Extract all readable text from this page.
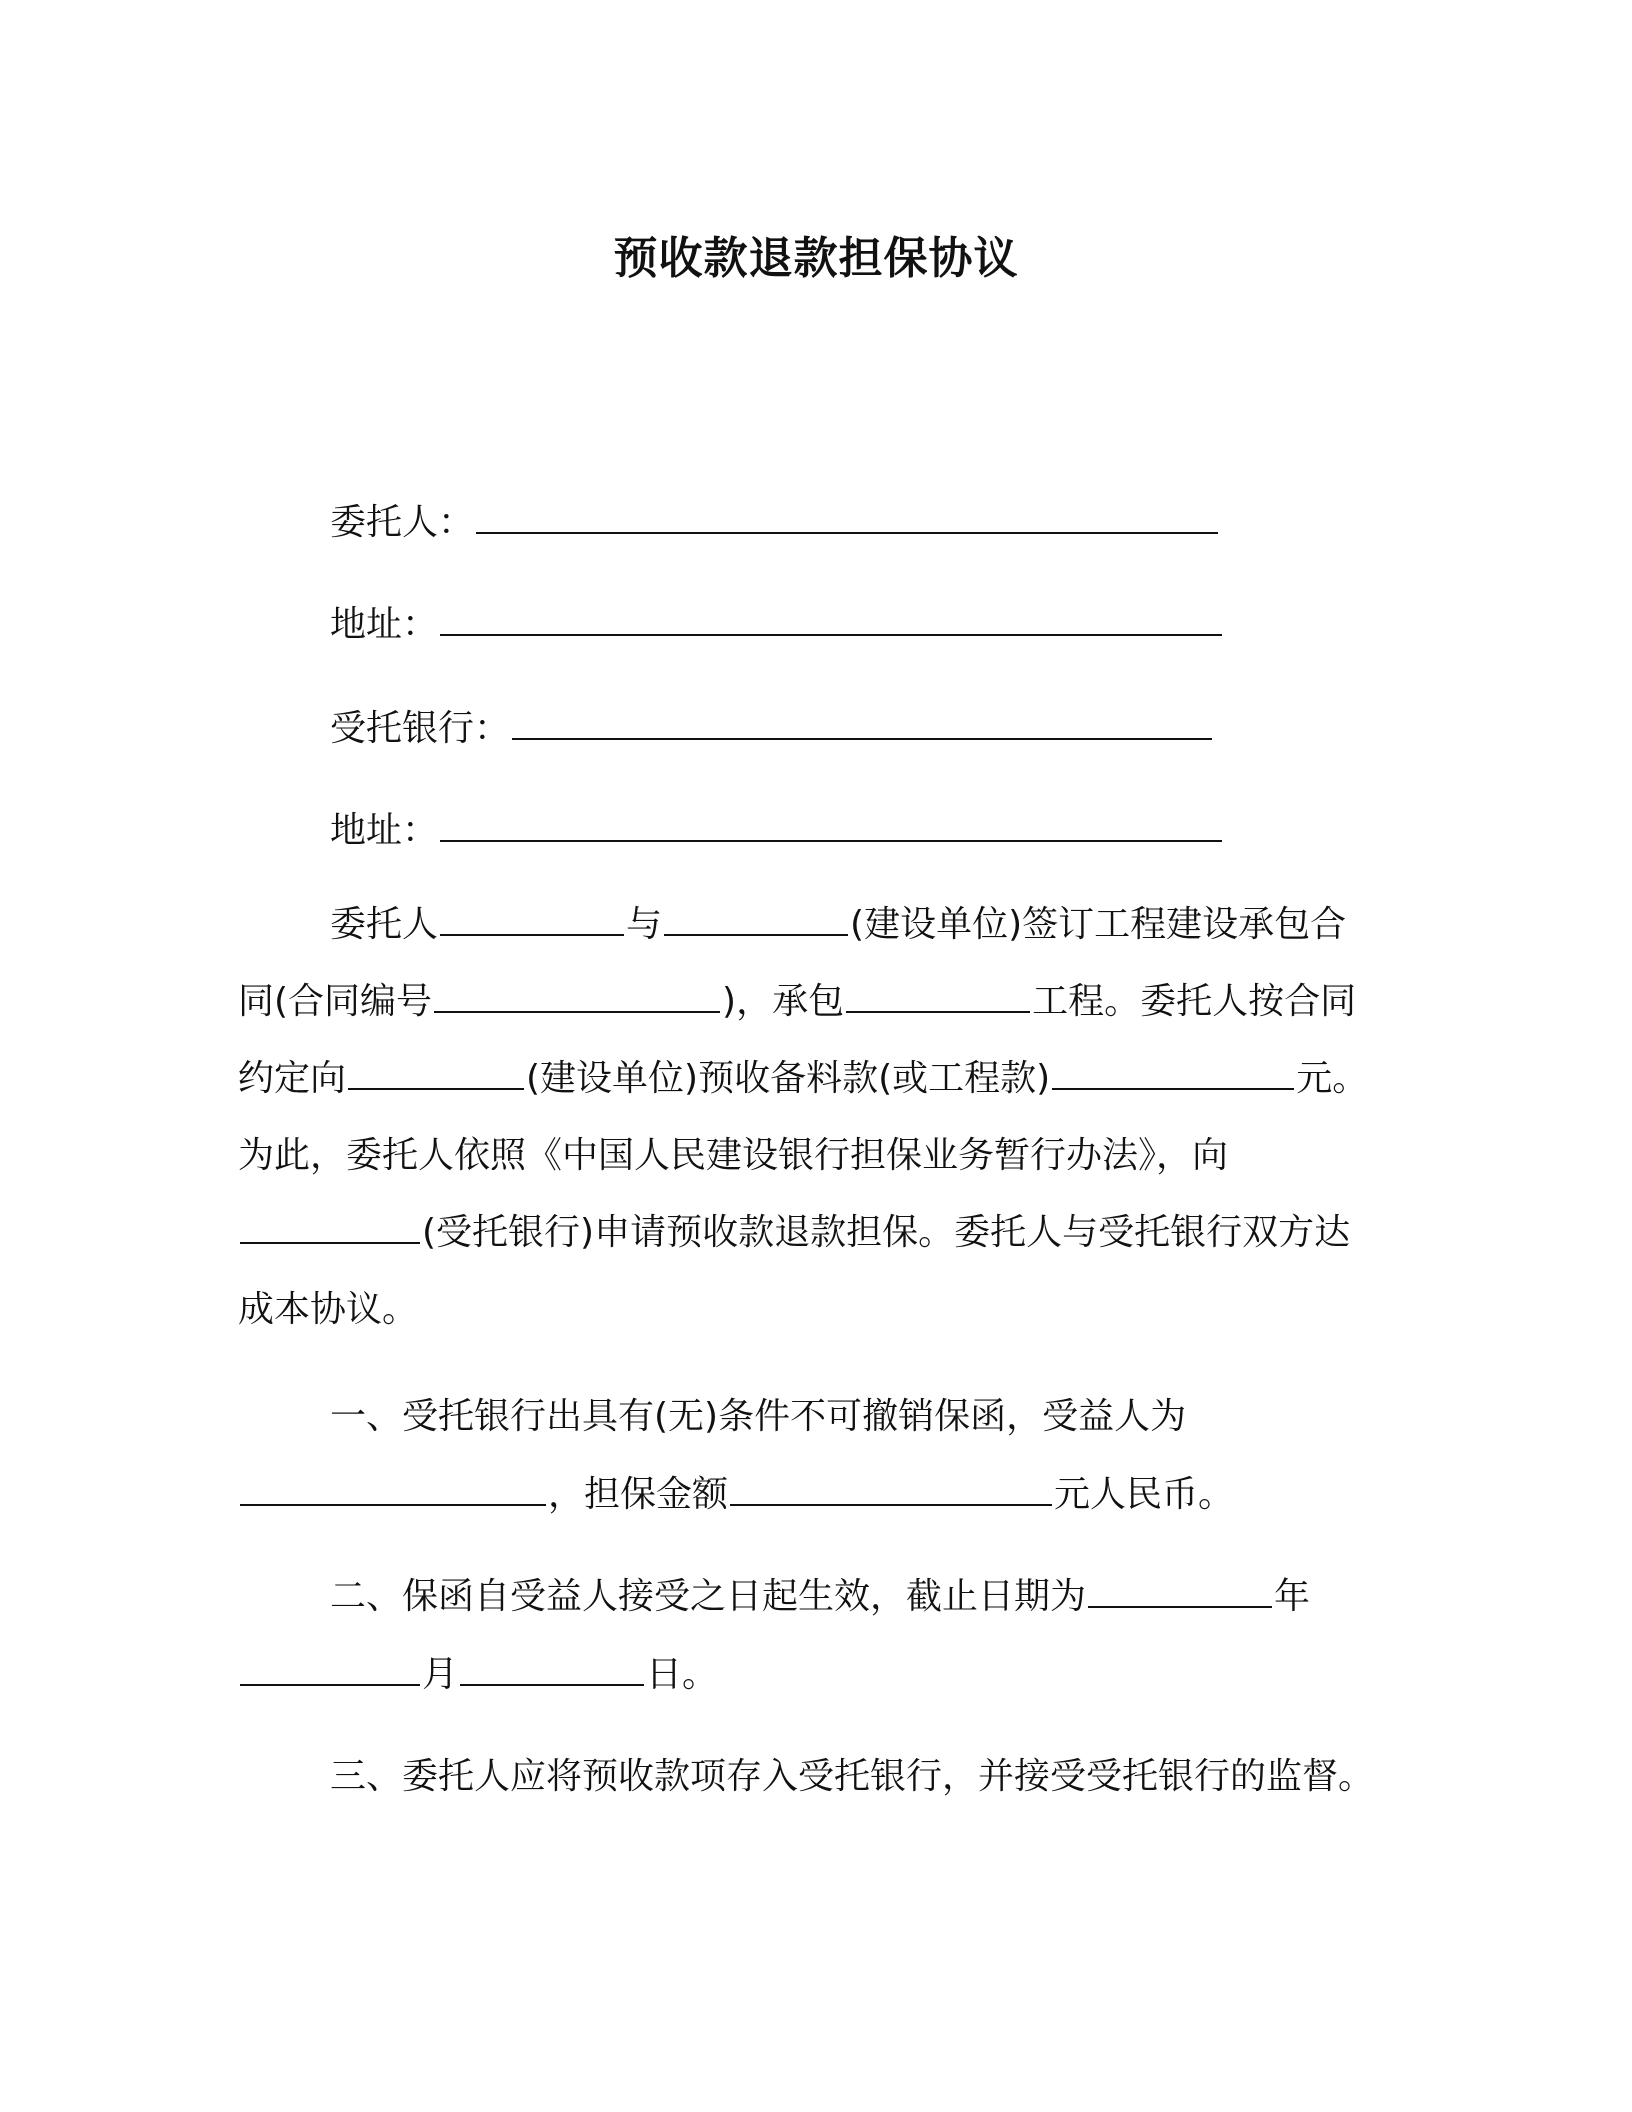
预收款退款担保协议
委托人：
地址：
受托银行：
地址：
委托人	与	(建设单位)签订工程建设承包合
同(合同编号	)，承包	工程。委托人按合同
约定向	(建设单位)预收备料款(或工程款)	元。
为此，委托人依照《中国人民建设银行担保业务暂行办法》，向
(受托银行)申请预收款退款担保。委托人与受托银行双方达
成本协议。
一、受托银行出具有(无)条件不可撤销保函，受益人为
，担保金额	元人民币。
二、保函自受益人接受之日起生效，截止日期为	年
月	日。
三、委托人应将预收款项存入受托银行，并接受受托银行的监督。
